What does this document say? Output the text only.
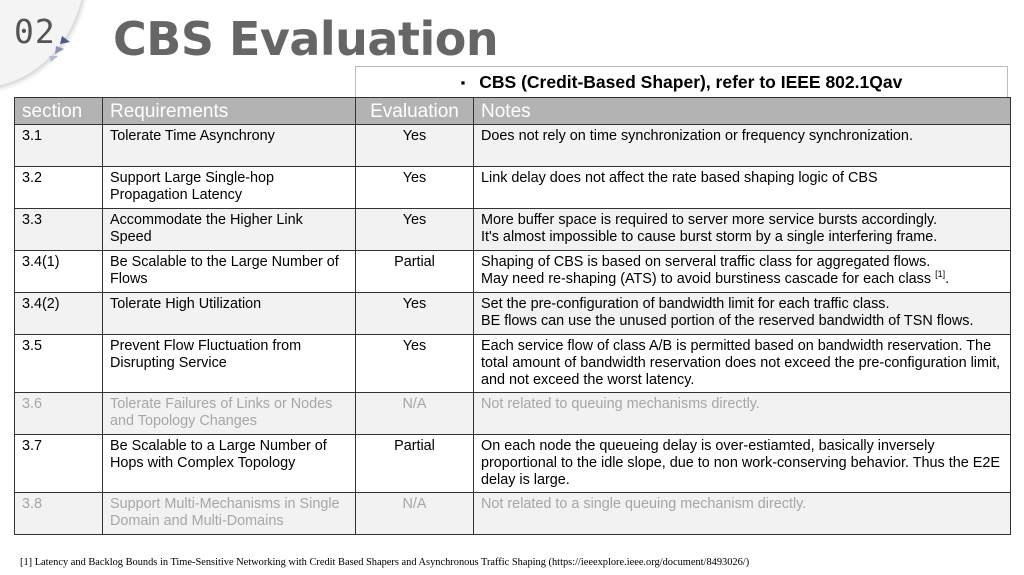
02 CBS Evaluation
▪ CBS (Credit-Based Shaper), refer to IEEE 802.1Qav
section	Requirements	Evaluation	Notes
3.1	Tolerate Time Asynchrony	Yes	Does not rely on time synchronization or frequency synchronization.

3.2	Support Large Single-hop Propagation Latency	Yes	Link delay does not affect the rate based shaping logic of CBS

3.3	Accommodate the Higher Link Speed	Yes	More buffer space is required to server more service bursts accordingly.
It's almost impossible to cause burst storm by a single interfering frame.

3.4(1)	Be Scalable to the Large Number of Flows	Partial	Shaping of CBS is based on serveral traffic class for aggregated flows.
May need re-shaping (ATS) to avoid burstiness cascade for each class [1].

3.4(2)	Tolerate High Utilization	Yes	Set the pre-configuration of bandwidth limit for each traffic class.
BE flows can use the unused portion of the reserved bandwidth of TSN flows.

3.5	Prevent Flow Fluctuation from Disrupting Service	Yes	Each service flow of class A/B is permitted based on bandwidth reservation. The total amount of bandwidth reservation does not exceed the pre-configuration limit, and not exceed the worst latency.

3.6	Tolerate Failures of Links or Nodes and Topology Changes	N/A	Not related to queuing mechanisms directly.

3.7	Be Scalable to a Large Number of Hops with Complex Topology	Partial	On each node the queueing delay is over-estiamted, basically inversely proportional to the idle slope, due to non work-conserving behavior. Thus the E2E delay is large.

3.8	Support Multi-Mechanisms in Single Domain and Multi-Domains	N/A	Not related to a single queuing mechanism directly.
[1] Latency and Backlog Bounds in Time-Sensitive Networking with Credit Based Shapers and Asynchronous Traffic Shaping (https://ieeexplore.ieee.org/document/8493026/)
